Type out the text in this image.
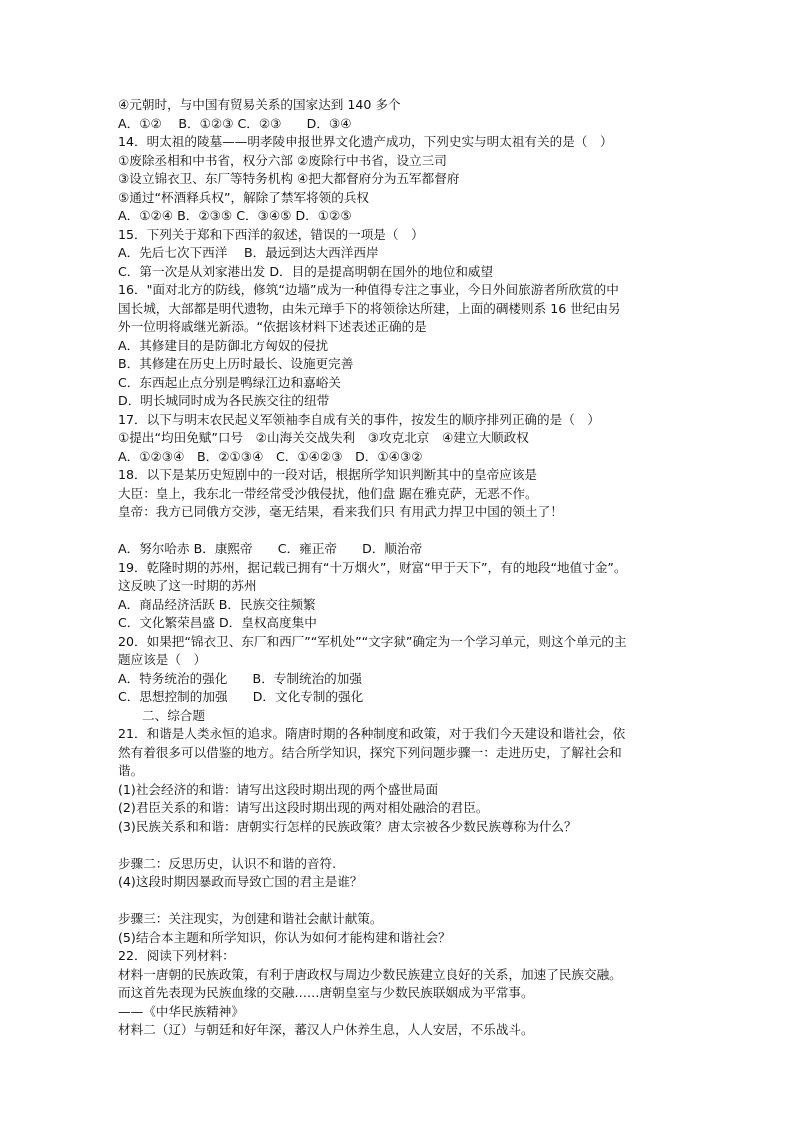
④元朝时，与中国有贸易关系的国家达到 140 多个
A．①②　 B．①②③ C．②③　　D．③④
14．明太祖的陵墓——明孝陵申报世界文化遗产成功，下列史实与明太祖有关的是（　）
①废除丞相和中书省，权分六部 ②废除行中书省，设立三司
③设立锦衣卫、东厂等特务机构 ④把大都督府分为五军都督府
⑤通过“杯酒释兵权”，解除了禁军将领的兵权
A．①②④ B．②③⑤ C．③④⑤ D．①②⑤
15．下列关于郑和下西洋的叙述，错误的一项是（　）
A．先后七次下西洋　 B．最远到达大西洋西岸
C．第一次是从刘家港出发 D．目的是提高明朝在国外的地位和威望
16．"面对北方的防线，修筑“边墙”成为一种值得专注之事业，今日外间旅游者所欣赏的中
国长城，大部都是明代遗物，由朱元璋手下的将领徐达所建，上面的碉楼则系 16 世纪由另
外一位明将戚继光新添。“依据该材料下述表述正确的是
A．其修建目的是防御北方匈奴的侵扰
B．其修建在历史上历时最长、设施更完善
C．东西起止点分别是鸭绿江边和嘉峪关
D．明长城同时成为各民族交往的纽带
17．以下与明末农民起义军领袖李自成有关的事件，按发生的顺序排列正确的是（　）
①提出“均田免赋”口号　②山海关交战失利　③攻克北京　④建立大顺政权
A．①②③④　B．②①③④　C．①④②③　D．①④③②
18．以下是某历史短剧中的一段对话，根据所学知识判断其中的皇帝应该是
大臣：皇上，我东北一带经常受沙俄侵扰，他们盘 踞在雅克萨，无恶不作。
皇帝：我方已同俄方交涉，毫无结果，看来我们只 有用武力捍卫中国的领土了！
A．努尔哈赤 B．康熙帝　　C．雍正帝　　D．顺治帝
19．乾隆时期的苏州，据记载已拥有“十万烟火”，财富“甲于天下”，有的地段“地值寸金”。
这反映了这一时期的苏州
A．商品经济活跃 B．民族交往频繁
C．文化繁荣昌盛 D．皇权高度集中
20．如果把“锦衣卫、东厂和西厂”“军机处”“文字狱”确定为一个学习单元，则这个单元的主
题应该是（　）
A．特务统治的强化　　B．专制统治的加强
C．思想控制的加强　　D．文化专制的强化
二、综合题
21．和谐是人类永恒的追求。隋唐时期的各种制度和政策，对于我们今天建设和谐社会，依
然有着很多可以借鉴的地方。结合所学知识，探究下列问题步骤一：走进历史，了解社会和
谐。
(1)社会经济的和谐：请写出这段时期出现的两个盛世局面
(2)君臣关系的和谐：请写出这段时期出现的两对相处融洽的君臣。
(3)民族关系和和谐：唐朝实行怎样的民族政策？唐太宗被各少数民族尊称为什么？
步骤二：反思历史，认识不和谐的音符.
(4)这段时期因暴政而导致亡国的君主是谁？
步骤三：关注现实，为创建和谐社会献计献策。
(5)结合本主题和所学知识，你认为如何才能构建和谐社会？
22．阅读下列材料：
材料一唐朝的民族政策，有利于唐政权与周边少数民族建立良好的关系，加速了民族交融。
而这首先表现为民族血缘的交融……唐朝皇室与少数民族联姻成为平常事。
——《中华民族精神》
材料二（辽）与朝廷和好年深，蕃汉人户休养生息，人人安居，不乐战斗。
